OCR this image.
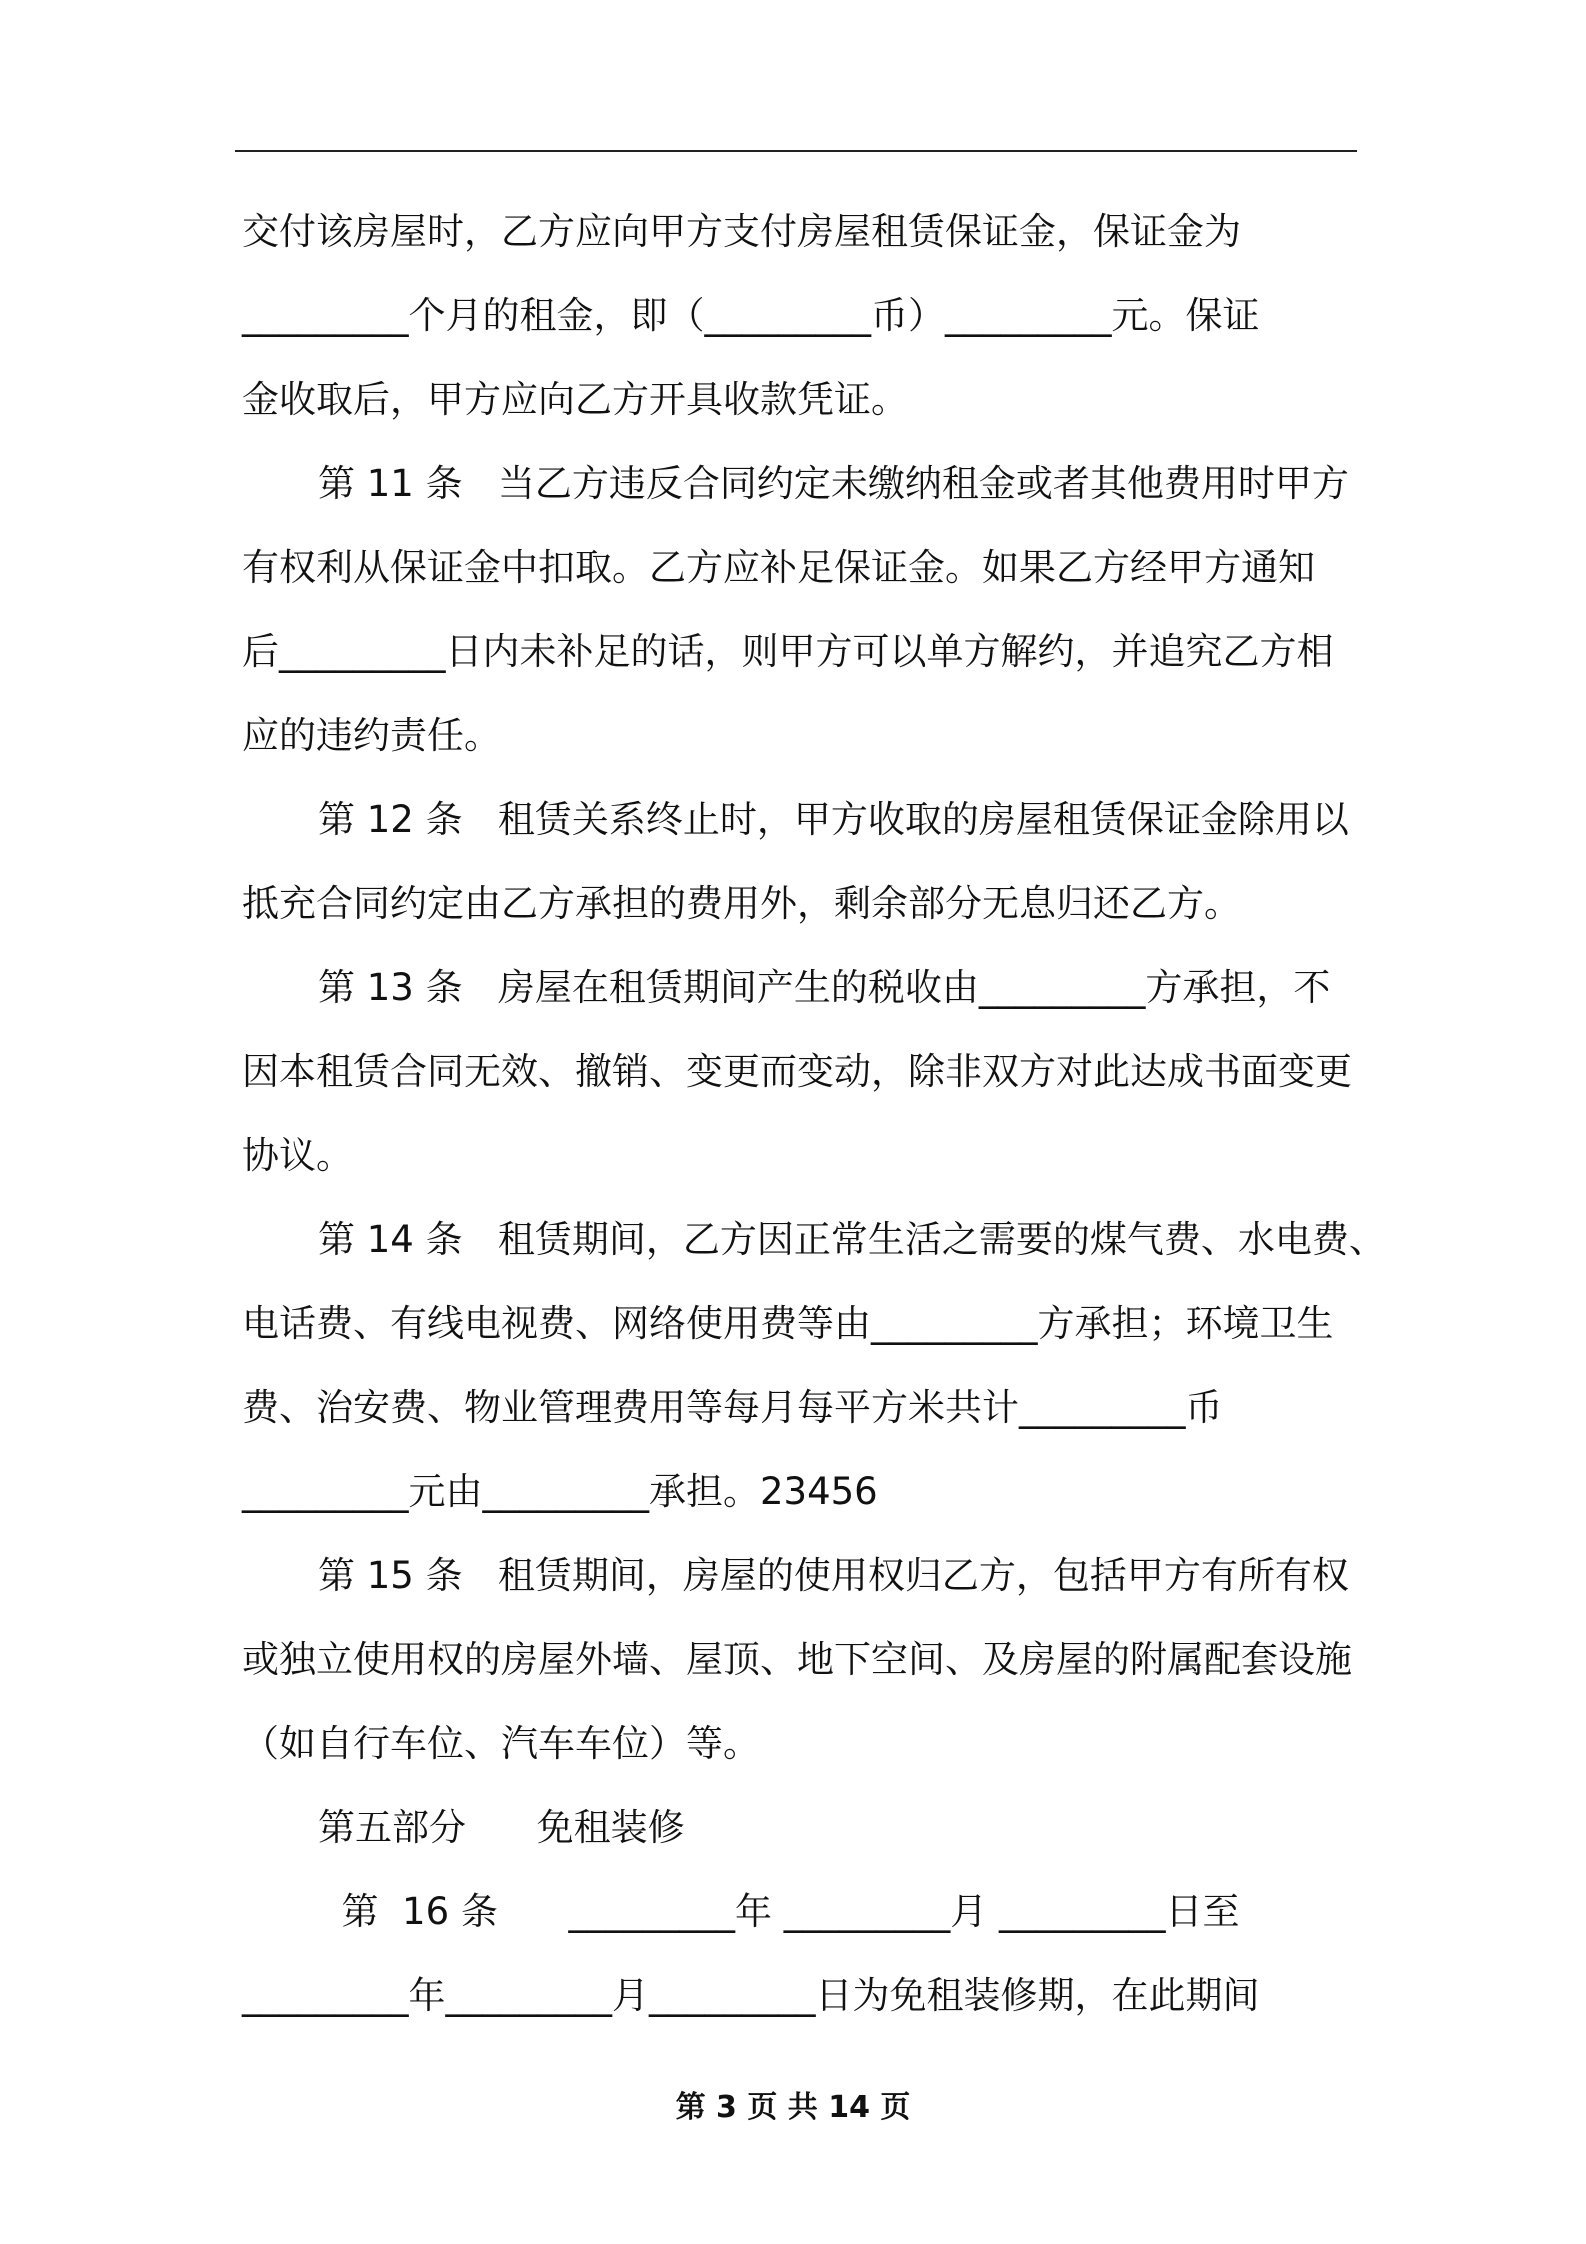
交付该房屋时，乙方应向甲方支付房屋租赁保证金，保证金为
_________个月的租金，即（_________币）_________元。保证
金收取后，甲方应向乙方开具收款凭证。
第 11 条   当乙方违反合同约定未缴纳租金或者其他费用时甲方
有权利从保证金中扣取。乙方应补足保证金。如果乙方经甲方通知
后_________日内未补足的话，则甲方可以单方解约，并追究乙方相
应的违约责任。
第 12 条   租赁关系终止时，甲方收取的房屋租赁保证金除用以
抵充合同约定由乙方承担的费用外，剩余部分无息归还乙方。
第 13 条   房屋在租赁期间产生的税收由_________方承担，不
因本租赁合同无效、撤销、变更而变动，除非双方对此达成书面变更
协议。
第 14 条   租赁期间，乙方因正常生活之需要的煤气费、水电费、
电话费、有线电视费、网络使用费等由_________方承担；环境卫生
费、治安费、物业管理费用等每月每平方米共计_________币
_________元由_________承担。23456
第 15 条   租赁期间，房屋的使用权归乙方，包括甲方有所有权
或独立使用权的房屋外墙、屋顶、地下空间、及房屋的附属配套设施
（如自行车位、汽车车位）等。
第五部分      免租装修
第  16 条      _________年 _________月 _________日至
_________年_________月_________日为免租装修期，在此期间
第 3 页 共 14 页
